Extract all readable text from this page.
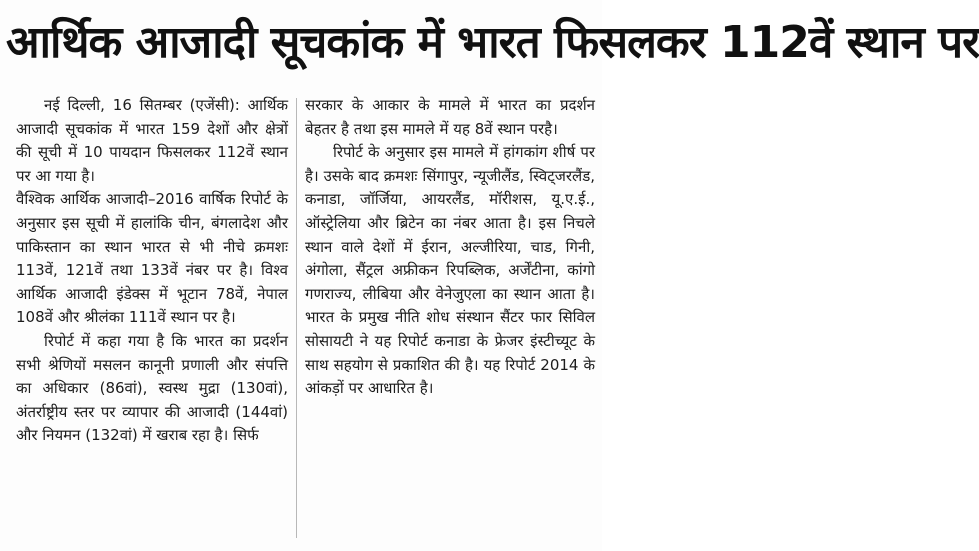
आर्थिक आजादी सूचकांक में भारत फिसलकर 112वें स्थान पर

नई दिल्ली, 16 सितम्बर (एजेंसी): आर्थिक आजादी सूचकांक में भारत 159 देशों और क्षेत्रों की सूची में 10 पायदान फिसलकर 112वें स्थान पर आ गया है।

वैश्विक आर्थिक आजादी–2016 वार्षिक रिपोर्ट के अनुसार इस सूची में हालांकि चीन, बंगलादेश और पाकिस्तान का स्थान भारत से भी नीचे क्रमशः 113वें, 121वें तथा 133वें नंबर पर है। विश्व आर्थिक आजादी इंडेक्स में भूटान 78वें, नेपाल 108वें और श्रीलंका 111वें स्थान पर है।

रिपोर्ट में कहा गया है कि भारत का प्रदर्शन सभी श्रेणियों मसलन कानूनी प्रणाली और संपत्ति का अधिकार (86वां), स्वस्थ मुद्रा (130वां), अंतर्राष्ट्रीय स्तर पर व्यापार की आजादी (144वां) और नियमन (132वां) में खराब रहा है। सिर्फ

सरकार के आकार के मामले में भारत का प्रदर्शन बेहतर है तथा इस मामले में यह 8वें स्थान परहै।

रिपोर्ट के अनुसार इस मामले में हांगकांग शीर्ष पर है। उसके बाद क्रमशः सिंगापुर, न्यूजीलैंड, स्विट्जरलैंड, कनाडा, जॉर्जिया, आयरलैंड, मॉरीशस, यू.ए.ई., ऑस्ट्रेलिया और ब्रिटेन का नंबर आता है। इस निचले स्थान वाले देशों में ईरान, अल्जीरिया, चाड, गिनी, अंगोला, सैंट्रल अफ्रीकन रिपब्लिक, अर्जेंटीना, कांगो गणराज्य, लीबिया और वेनेजुएला का स्थान आता है। भारत के प्रमुख नीति शोध संस्थान सैंटर फार सिविल सोसायटी ने यह रिपोर्ट कनाडा के फ्रेजर इंस्टीच्यूट के साथ सहयोग से प्रकाशित की है। यह रिपोर्ट 2014 के आंकड़ों पर आधारित है।
